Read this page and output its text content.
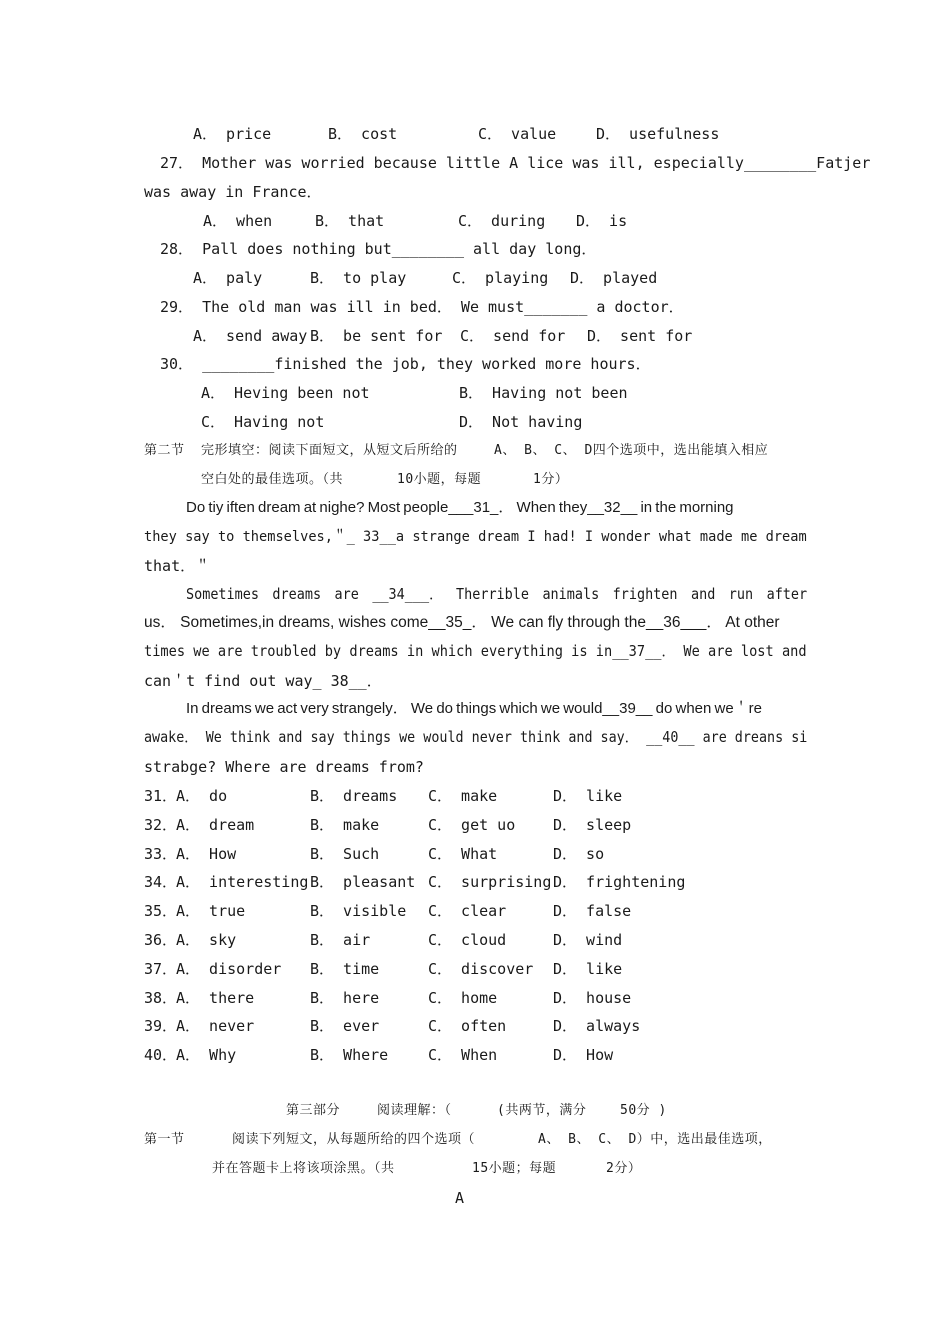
A． price	B． cost	C． value	D． usefulness
27． Mother was worried because little A lice was ill, especially________Fatjer
was away in France．
A． when	B． that	C． during D． is
28． Pall does nothing but________ all day long．
A． paly	B． to play	C． playing D． played
29． The old man was ill in bed． We must_______ a doctor．
A． send away B． be sent for C． send for D． sent for
30． ________finished the job, they worked more hours．
A． Heving been not	B． Having not been
C． Having not	D． Not having
第二节 完形填空：阅读下面短文，从短文后所给的	A、 B、 C、 D四个选项中，选出能填入相应
空白处的最佳选项。（共	10小题，每题	1分）
Do tiy iften dream at nighe? Most people___31_． When they__32__ in the morning
they say to themselves,＂_ 33__a strange dream I had! I wonder what made me dream
that．＂
Sometimes dreams are __34___． Therrible animals frighten and run after
us． Sometimes,in dreams, wishes come__35_． We can fly through the__36___． At other
times we are troubled by dreams in which everything is in__37__． We are lost and
can＇t find out way_ 38__．
In dreams we act very strangely． We do things which we would__39__ do when we＇re
awake． We think and say things we would never think and say． __40__ are dreans si
strabge? Where are dreams from?
31．
A． do	B． dreams C． make	D． like
32．
A． dream	B． make	C． get uo	D． sleep
33．
A． How	B． Such	C． What	D． so
34．
A． interesting B． pleasant C． surprising D． frightening
35．
A． true	B． visible C． clear	D． false
36．
A． sky	B． air	C． cloud	D． wind
37．
A． disorder B． time	C． discover D． like
38．
A． there	B． here	C． home	D． house
39．
A． never	B． ever	C． often	D． always
40．
A． Why	B． Where	C． When	D． How
第三部分	阅读理解：（	(共两节，满分	50分 )
第一节	阅读下列短文，从每题所给的四个选项（	A、 B、 C、 D）中，选出最佳选项，
并在答题卡上将该项涂黑。（共	15小题；每题	2分）
A
